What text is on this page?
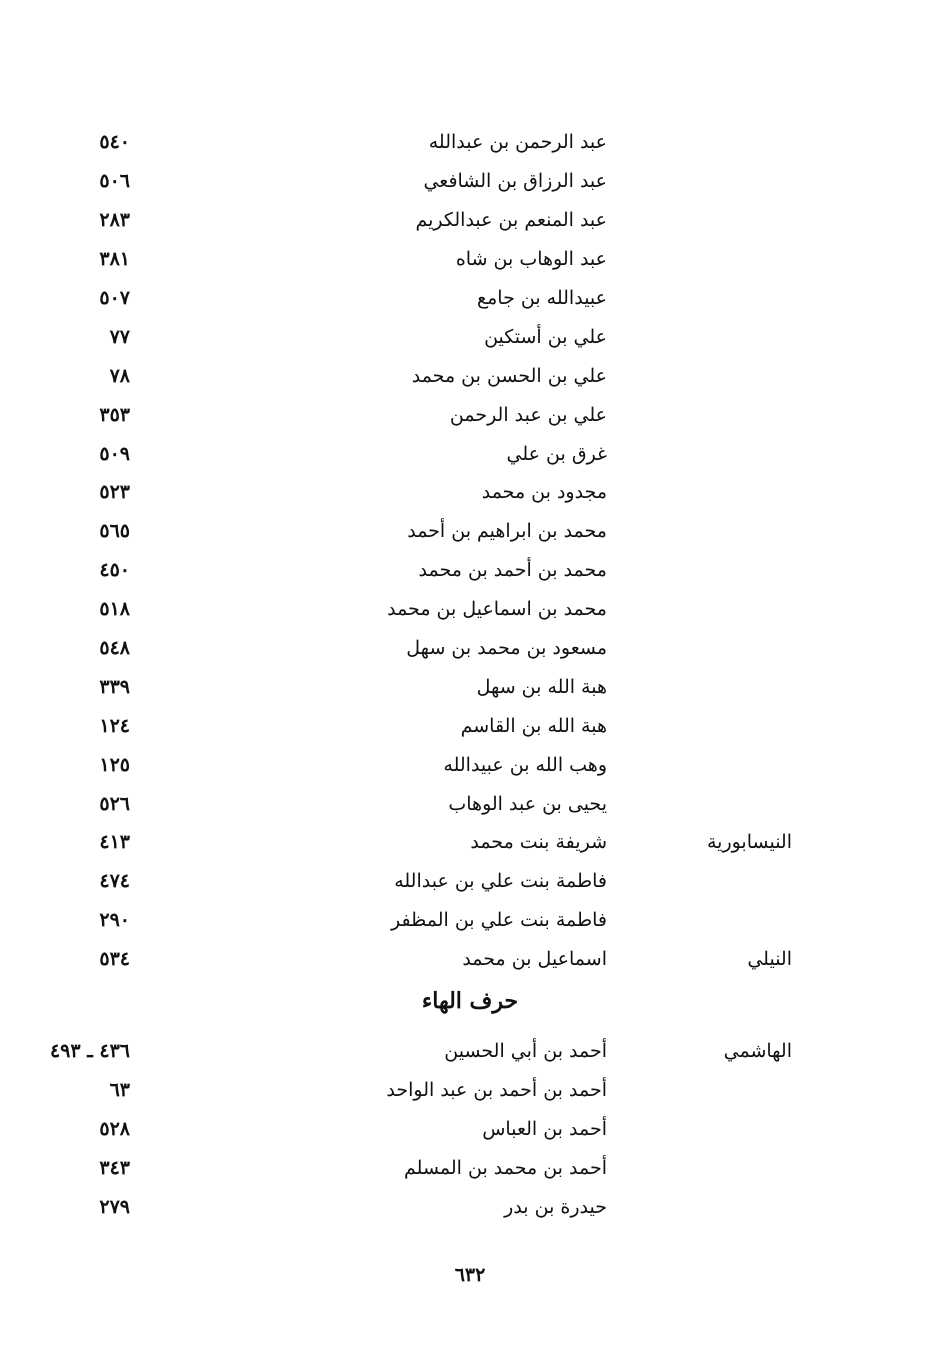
عبد الرحمن بن عبدالله
٥٤٠
عبد الرزاق بن الشافعي
٥٠٦
عبد المنعم بن عبدالكريم
٢٨٣
عبد الوهاب بن شاه
٣٨١
عبيدالله بن جامع
٥٠٧
علي بن أستكين
٧٧
علي بن الحسن بن محمد
٧٨
علي بن عبد الرحمن
٣٥٣
غرق بن علي
٥٠٩
مجدود بن محمد
٥٢٣
محمد بن ابراهيم بن أحمد
٥٦٥
محمد بن أحمد بن محمد
٤٥٠
محمد بن اسماعيل بن محمد
٥١٨
مسعود بن محمد بن سهل
٥٤٨
هبة الله بن سهل
٣٣٩
هبة الله بن القاسم
١٢٤
وهب الله بن عبيدالله
١٢٥
يحيى بن عبد الوهاب
٥٢٦
النيسابورية
شريفة بنت محمد
٤١٣
فاطمة بنت علي بن عبدالله
٤٧٤
فاطمة بنت علي بن المظفر
٢٩٠
النيلي
اسماعيل بن محمد
٥٣٤
حرف الهاء
الهاشمي
أحمد بن أبي الحسين
٤٣٦ ـ ٤٩٣
أحمد بن أحمد بن عبد الواحد
٦٣
أحمد بن العباس
٥٢٨
أحمد بن محمد بن المسلم
٣٤٣
حيدرة بن بدر
٢٧٩
٦٣٢
